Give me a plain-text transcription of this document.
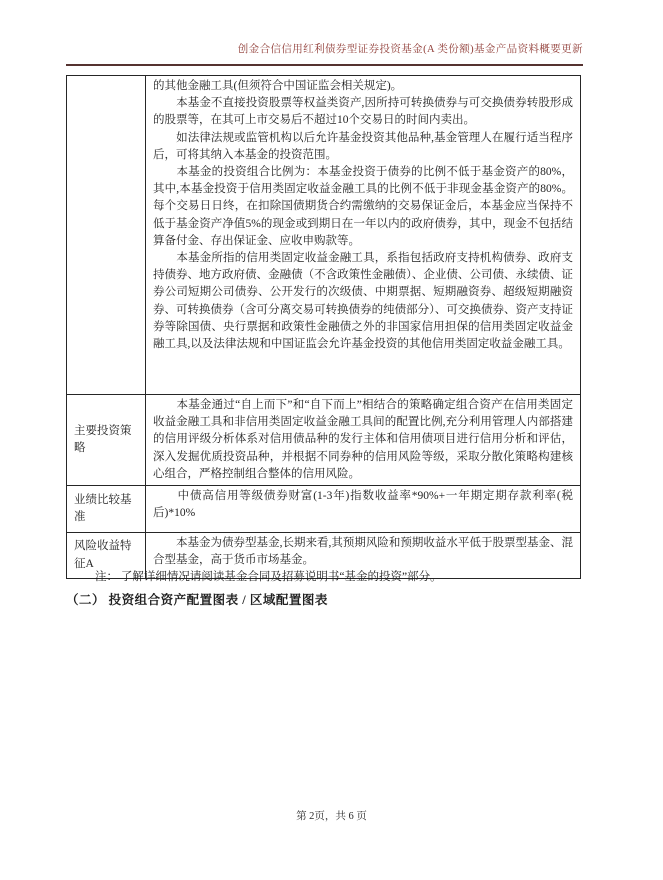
创金合信信用红利债券型证券投资基金(A 类份额)基金产品资料概要更新

	的其他金融工具(但须符合中国证监会相关规定)。

　　本基金不直接投资股票等权益类资产,因所持可转换债券与可交换债券转股形成的股票等，在其可上市交易后不超过10个交易日的时间内卖出。

　　如法律法规或监管机构以后允许基金投资其他品种,基金管理人在履行适当程序后，可将其纳入本基金的投资范围。

　　本基金的投资组合比例为：本基金投资于债券的比例不低于基金资产的80%，其中,本基金投资于信用类固定收益金融工具的比例不低于非现金基金资产的80%。每个交易日日终，在扣除国债期货合约需缴纳的交易保证金后，本基金应当保持不低于基金资产净值5%的现金或到期日在一年以内的政府债券，其中，现金不包括结算备付金、存出保证金、应收申购款等。

　　本基金所指的信用类固定收益金融工具，系指包括政府支持机构债券、政府支持债券、地方政府债、金融债（不含政策性金融债）、企业债、公司债、永续债、证券公司短期公司债券、公开发行的次级债、中期票据、短期融资券、超级短期融资券、可转换债券（含可分离交易可转换债券的纯债部分）、可交换债券、资产支持证券等除国债、央行票据和政策性金融债之外的非国家信用担保的信用类固定收益金融工具,以及法律法规和中国证监会允许基金投资的其他信用类固定收益金融工具。

主要投资策略	　　本基金通过“自上而下”和“自下而上”相结合的策略确定组合资产在信用类固定收益金融工具和非信用类固定收益金融工具间的配置比例,充分利用管理人内部搭建的信用评级分析体系对信用债品种的发行主体和信用债项目进行信用分析和评估，深入发掘优质投资品种，并根据不同券种的信用风险等级，采取分散化策略构建核心组合，严格控制组合整体的信用风险。

业绩比较基准	　　中债高信用等级债券财富(1-3年)指数收益率*90%+一年期定期存款利率(税后)*10%

风险收益特征A	　　本基金为债券型基金,长期来看,其预期风险和预期收益水平低于股票型基金、混合型基金，高于货币市场基金。

注： 了解详细情况请阅读基金合同及招募说明书“基金的投资”部分。
（二） 投资组合资产配置图表 / 区域配置图表
第 2页，共 6 页
